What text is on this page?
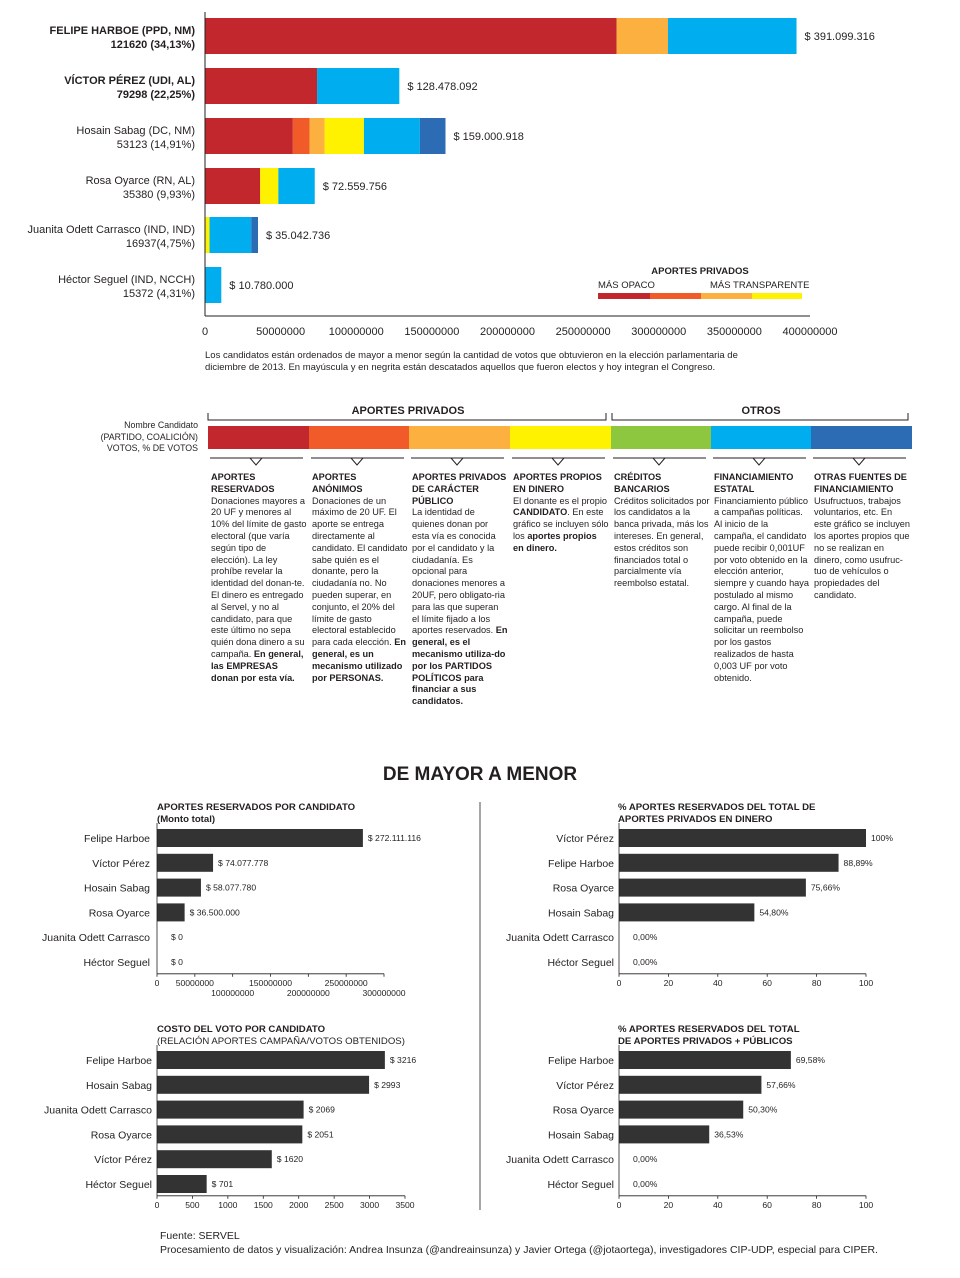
FELIPE HARBOE (PPD, NM)
121620 (34,13%)
VÍCTOR PÉREZ (UDI, AL)
79298 (22,25%)
Hosain Sabag (DC, NM)
53123 (14,91%)
Rosa Oyarce (RN, AL)
35380 (9,93%)
Juanita Odett Carrasco (IND, IND)
16937(4,75%)
Héctor Seguel (IND, NCCH)
15372 (4,31%)
$ 391.099.316
$ 128.478.092
$ 159.000.918
$ 72.559.756
$ 35.042.736
$ 10.780.000
0	50000000 100000000 150000000 200000000 250000000 300000000 350000000 400000000
APORTES PRIVADOS
MÁS OPACO	MÁS TRANSPARENTE
Los candidatos están ordenados de mayor a menor según la cantidad de votos que obtuvieron en la elección parlamentaria de diciembre de 2013. En mayúscula y en negrita están descatados aquellos que fueron electos y hoy integran el Congreso.
Nombre Candidato
(PARTIDO, COALICIÓN)
VOTOS, % DE VOTOS
APORTES PRIVADOS	OTROS
APORTES RESERVADOS
Donaciones mayores a 20 UF y menores al 10% del límite de gasto electoral (que varía según tipo de elección). La ley prohíbe revelar la identidad del donan-te. El dinero es entregado al Servel, y no al candidato, para que este último no sepa quién dona dinero a su campaña. En general, las EMPRESAS donan por esta vía.
APORTES ANÓNIMOS
Donaciones de un máximo de 20 UF. El aporte se entrega directamente al candidato. El candidato sabe quién es el donante, pero la ciudadanía no. No pueden superar, en conjunto, el 20% del límite de gasto electoral establecido para cada elección. En general, es un mecanismo utilizado por PERSONAS.
APORTES PRIVADOS DE CARÁCTER PÚBLICO
La identidad de quienes donan por esta vía es conocida por el candidato y la ciudadanía. Es opcional para donaciones menores a 20UF, pero obligato-ria para las que superan el límite fijado a los aportes reservados. En general, es el mecanismo utiliza-do por los PARTIDOS POLÍTICOS para financiar a sus candidatos.
APORTES PROPIOS EN DINERO
El donante es el propio CANDIDATO. En este gráfico se incluyen sólo los aportes propios en dinero.
CRÉDITOS BANCARIOS
Créditos solicitados por los candidatos a la banca privada, más los intereses. En general, estos créditos son financiados total o parcialmente vía reembolso estatal.
FINANCIAMIENTO ESTATAL
Financiamiento público a campañas políticas. Al inicio de la campaña, el candidato puede recibir 0,001UF por voto obtenido en la elección anterior, siempre y cuando haya postulado al mismo cargo. Al final de la campaña, puede solicitar un reembolso por los gastos realizados de hasta 0,003 UF por voto obtenido.
OTRAS FUENTES DE FINANCIAMIENTO
Usufructuos, trabajos voluntarios, etc. En este gráfico se incluyen los aportes propios que no se realizan en dinero, como usufruc-tuo de vehículos o propiedades del candidato.
DE MAYOR A MENOR
APORTES RESERVADOS POR CANDIDATO
(Monto total)
Felipe Harboe	$ 272.111.116
Víctor Pérez	$ 74.077.778
Hosain Sabag	$ 58.077.780
Rosa Oyarce	$ 36.500.000
Juanita Odett Carrasco $ 0
Héctor Seguel $ 0
0 50000000
100000000
150000000
200000000
250000000
300000000
% APORTES RESERVADOS DEL TOTAL DE
APORTES PRIVADOS EN DINERO
Víctor Pérez	100%
Felipe Harboe	88,89%
Rosa Oyarce	75,66%
Hosain Sabag	54,80%
Juanita Odett Carrasco 0,00%
Héctor Seguel 0,00%
0	20	40	60	80	100
COSTO DEL VOTO POR CANDIDATO
(RELACIÓN APORTES CAMPAÑA/VOTOS OBTENIDOS)
Felipe Harboe	$ 3216
Hosain Sabag	$ 2993
Juanita Odett Carrasco	$ 2069
Rosa Oyarce	$ 2051
Víctor Pérez	$ 1620
Héctor Seguel	$ 701
0	500 1000 1500 2000 2500 3000 3500
% APORTES RESERVADOS DEL TOTAL
DE APORTES PRIVADOS + PÚBLICOS
Felipe Harboe	69,58%
Víctor Pérez	57,66%
Rosa Oyarce	50,30%
Hosain Sabag	36,53%
Juanita Odett Carrasco 0,00%
Héctor Seguel 0,00%
0	20	40	60	80	100
Fuente: SERVEL
Procesamiento de datos y visualización: Andrea Insunza (@andreainsunza) y Javier Ortega (@jotaortega), investigadores CIP-UDP, especial para CIPER.
